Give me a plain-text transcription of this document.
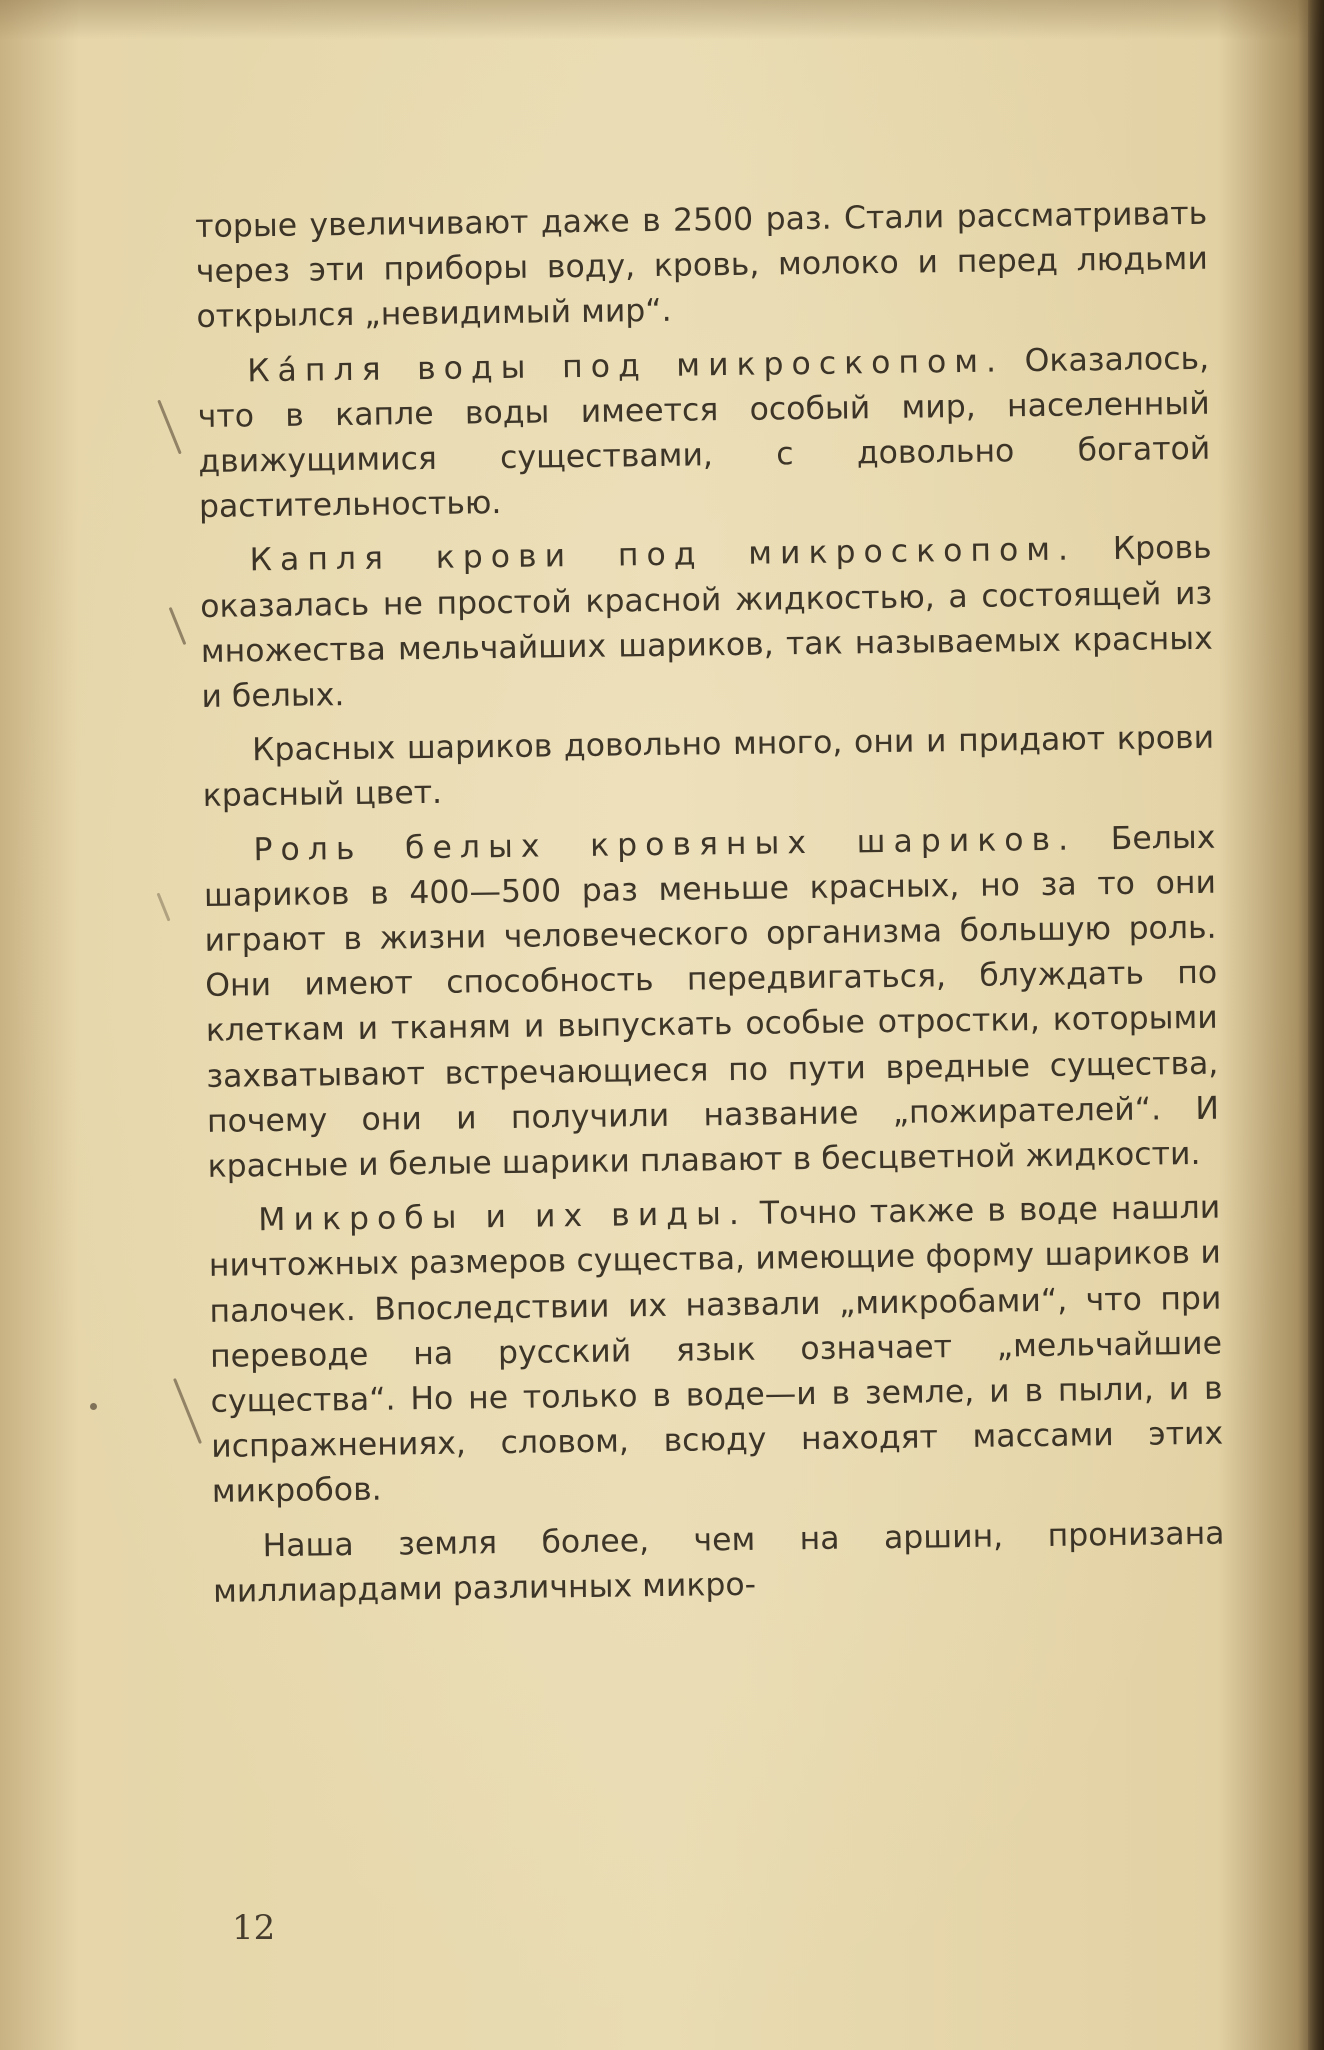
торые увеличивают даже в 2500 раз. Стали рассматривать через эти приборы воду, кровь, молоко и перед людьми открылся „невидимый мир“.

Ка́пля воды под микроскопом. Оказалось, что в капле воды имеется особый мир, населенный движущимися существами, с довольно богатой растительностью.

Капля крови под микроскопом. Кровь оказалась не простой красной жидкостью, а состоящей из множества мельчайших шариков, так называемых красных и белых.

Красных шариков довольно много, они и придают крови красный цвет.

Роль белых кровяных шариков. Белых шариков в 400—500 раз меньше красных, но за то они играют в жизни человеческого организма большую роль. Они имеют способность передвигаться, блуждать по клеткам и тканям и выпускать особые отростки, которыми захватывают встречающиеся по пути вредные существа, почему они и получили название „пожирателей“. И красные и белые шарики плавают в бесцветной жидкости.

Микробы и их виды. Точно также в воде нашли ничтожных размеров существа, имеющие форму шариков и палочек. Впоследствии их назвали „микробами“, что при переводе на русский язык означает „мельчайшие существа“. Но не только в воде—и в земле, и в пыли, и в испражнениях, словом, всюду находят массами этих микробов.

Наша земля более, чем на аршин, пронизана миллиардами различных микро-

12
